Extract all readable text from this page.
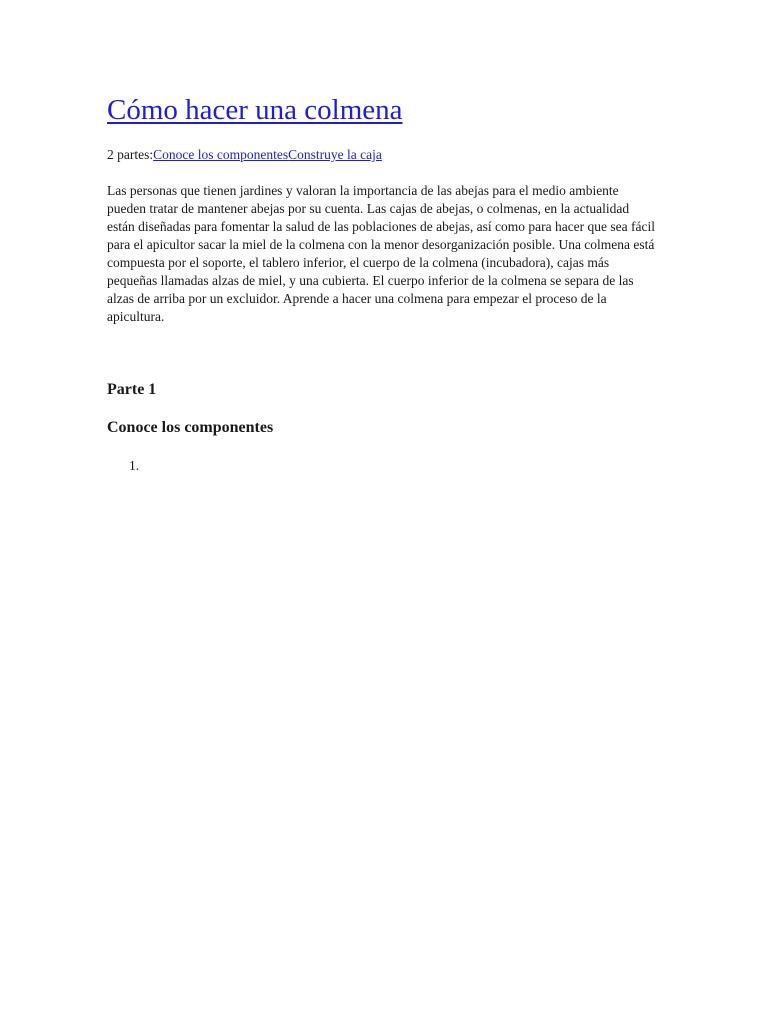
Cómo hacer una colmena
2 partes:Conoce los componentesConstruye la caja

Las personas que tienen jardines y valoran la importancia de las abejas para el medio ambiente pueden tratar de mantener abejas por su cuenta. Las cajas de abejas, o colmenas, en la actualidad están diseñadas para fomentar la salud de las poblaciones de abejas, así como para hacer que sea fácil para el apicultor sacar la miel de la colmena con la menor desorganización posible. Una colmena está compuesta por el soporte, el tablero inferior, el cuerpo de la colmena (incubadora), cajas más pequeñas llamadas alzas de miel, y una cubierta. El cuerpo inferior de la colmena se separa de las alzas de arriba por un excluidor. Aprende a hacer una colmena para empezar el proceso de la apicultura.

Parte 1
Conoce los componentes
1.
